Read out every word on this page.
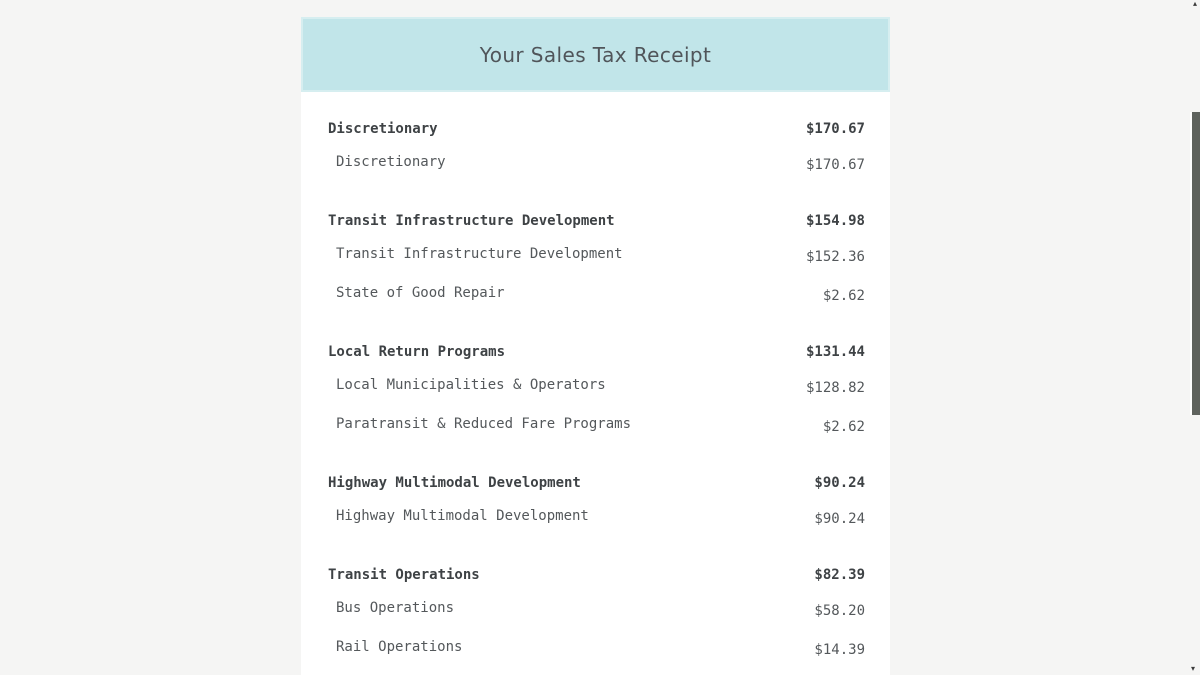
Your Sales Tax Receipt
Discretionary	$170.67
Discretionary	$170.67
Transit Infrastructure Development	$154.98
Transit Infrastructure Development	$152.36
State of Good Repair	$2.62
Local Return Programs	$131.44
Local Municipalities & Operators	$128.82
Paratransit & Reduced Fare Programs	$2.62
Highway Multimodal Development	$90.24
Highway Multimodal Development	$90.24
Transit Operations	$82.39
Bus Operations	$58.20
Rail Operations	$14.39
▴
▾
